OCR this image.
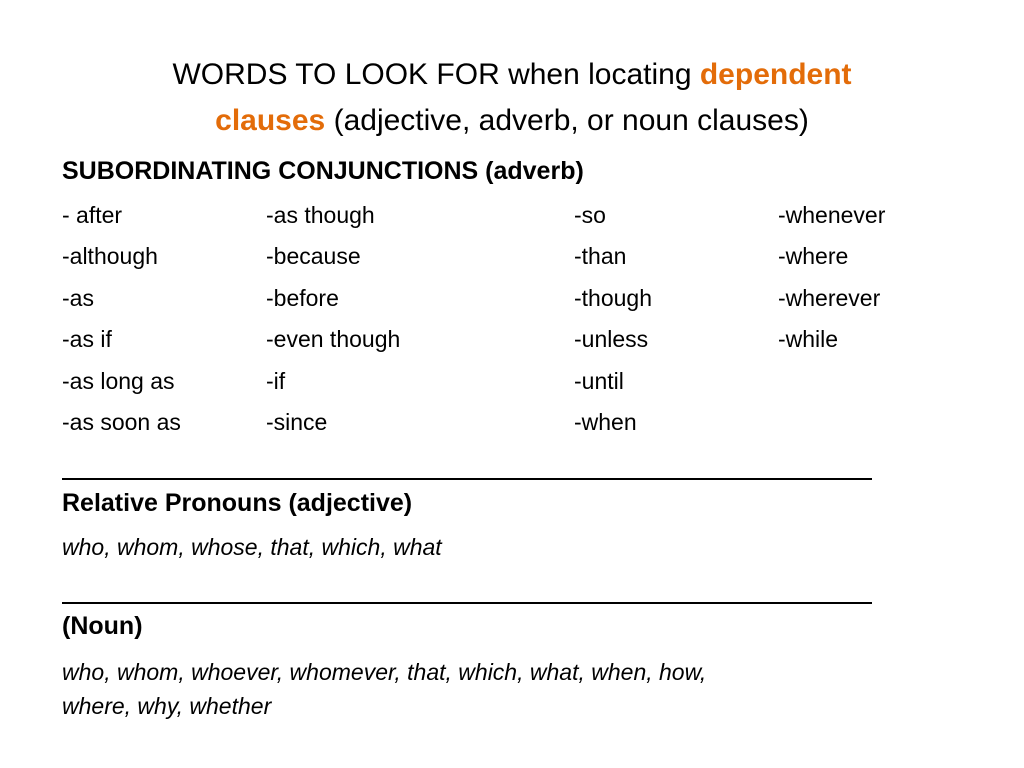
WORDS TO LOOK FOR when locating dependent
clauses (adjective, adverb, or noun clauses)
SUBORDINATING CONJUNCTIONS (adverb)
- after	-as though	-so	-whenever
-although	-because	-than	-where
-as	-before	-though	-wherever
-as if	-even though	-unless	-while
-as long as	-if	-until
-as soon as	-since	-when
Relative Pronouns (adjective)
who, whom, whose, that, which, what
(Noun)
who, whom, whoever, whomever, that, which, what, when, how,
where, why, whether
